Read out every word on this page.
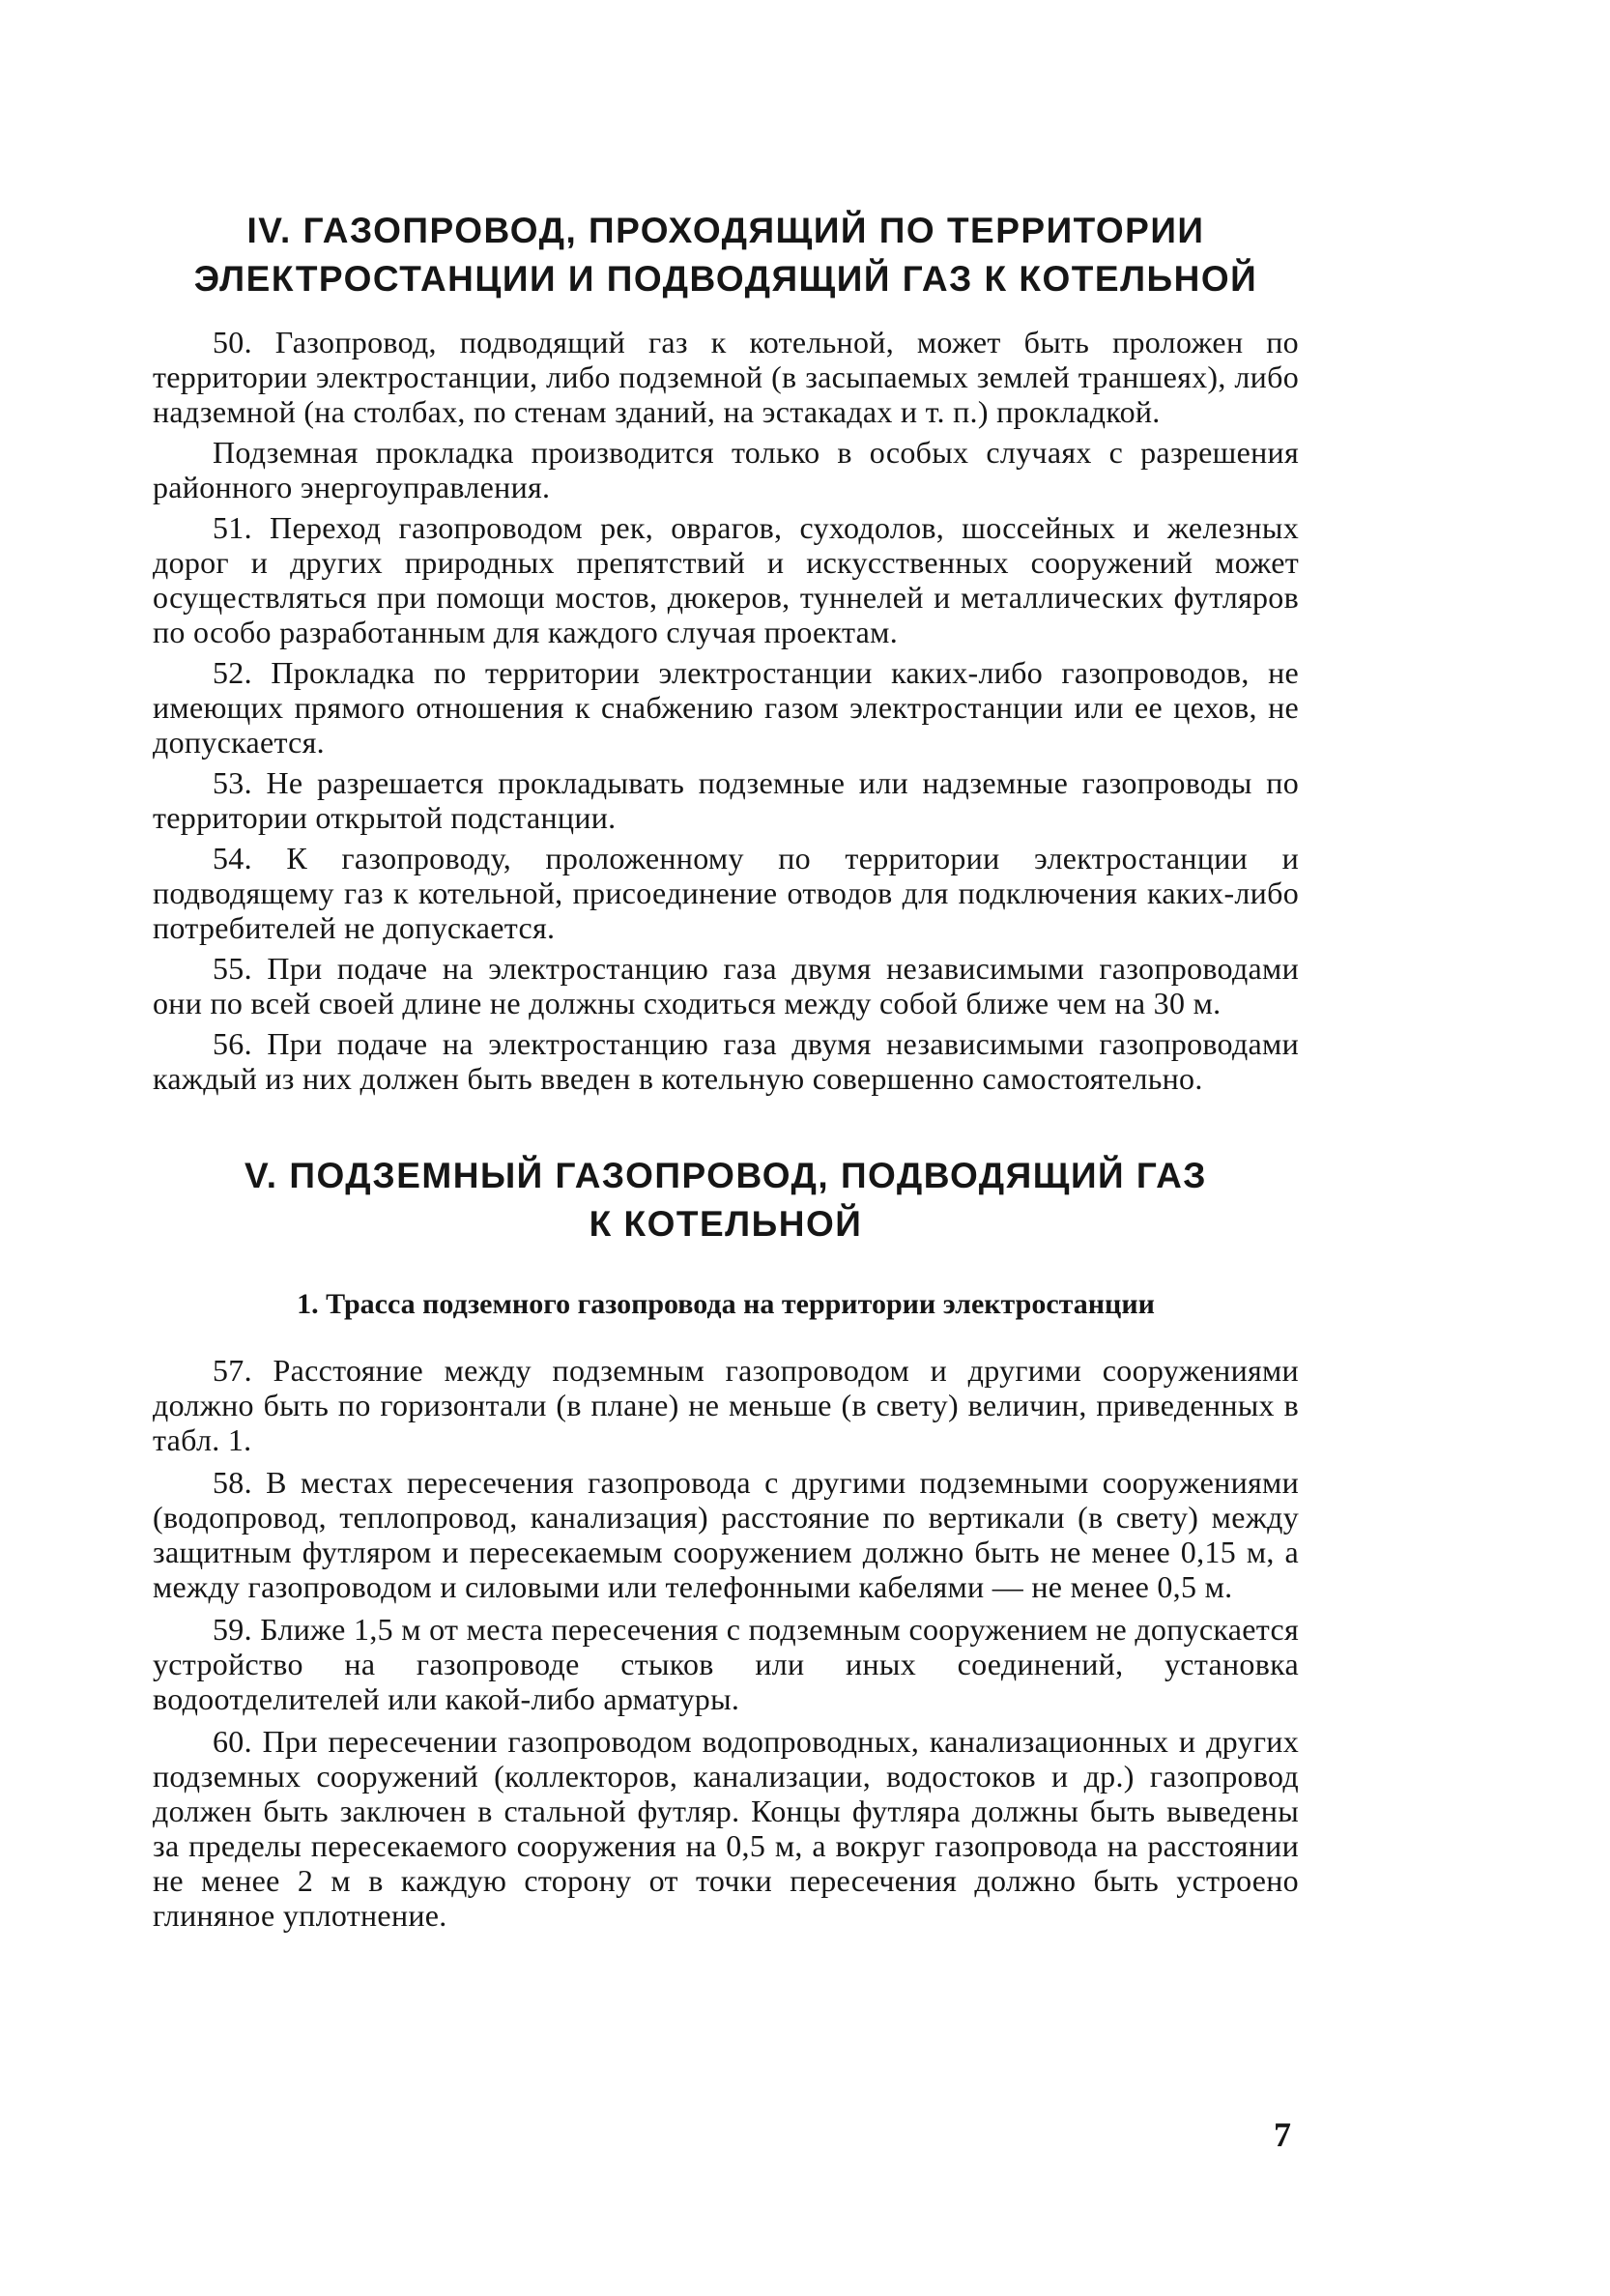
IV. ГАЗОПРОВОД, ПРОХОДЯЩИЙ ПО ТЕРРИТОРИИ
ЭЛЕКТРОСТАНЦИИ И ПОДВОДЯЩИЙ ГАЗ К КОТЕЛЬНОЙ

50. Газопровод, подводящий газ к котельной, может быть проложен по территории электростанции, либо подземной (в засыпаемых землей траншеях), либо надземной (на столбах, по стенам зданий, на эстакадах и т. п.) прокладкой.

Подземная прокладка производится только в особых случаях с разрешения районного энергоуправления.

51. Переход газопроводом рек, оврагов, суходолов, шоссейных и железных дорог и других природных препятствий и искусственных сооружений может осуществляться при помощи мостов, дюкеров, туннелей и металлических футляров по особо разработанным для каждого случая проектам.

52. Прокладка по территории электростанции каких-либо газопроводов, не имеющих прямого отношения к снабжению газом электростанции или ее цехов, не допускается.

53. Не разрешается прокладывать подземные или надземные газопроводы по территории открытой подстанции.

54. К газопроводу, проложенному по территории электростанции и подводящему газ к котельной, присоединение отводов для подключения каких-либо потребителей не допускается.

55. При подаче на электростанцию газа двумя независимыми газопроводами они по всей своей длине не должны сходиться между собой ближе чем на 30 м.

56. При подаче на электростанцию газа двумя независимыми газопроводами каждый из них должен быть введен в котельную совершенно самостоятельно.

V. ПОДЗЕМНЫЙ ГАЗОПРОВОД, ПОДВОДЯЩИЙ ГАЗ
К КОТЕЛЬНОЙ
1. Трасса подземного газопровода на территории электростанции

57. Расстояние между подземным газопроводом и другими сооружениями должно быть по горизонтали (в плане) не меньше (в свету) величин, приведенных в табл. 1.

58. В местах пересечения газопровода с другими подземными сооружениями (водопровод, теплопровод, канализация) расстояние по вертикали (в свету) между защитным футляром и пересекаемым сооружением должно быть не менее 0,15 м, а между газопроводом и силовыми или телефонными кабелями — не менее 0,5 м.

59. Ближе 1,5 м от места пересечения с подземным сооружением не допускается устройство на газопроводе стыков или иных соединений, установка водоотделителей или какой-либо арматуры.

60. При пересечении газопроводом водопроводных, канализационных и других подземных сооружений (коллекторов, канализации, водостоков и др.) газопровод должен быть заключен в стальной футляр. Концы футляра должны быть выведены за пределы пересекаемого сооружения на 0,5 м, а вокруг газопровода на расстоянии не менее 2 м в каждую сторону от точки пересечения должно быть устроено глиняное уплотнение.

7
